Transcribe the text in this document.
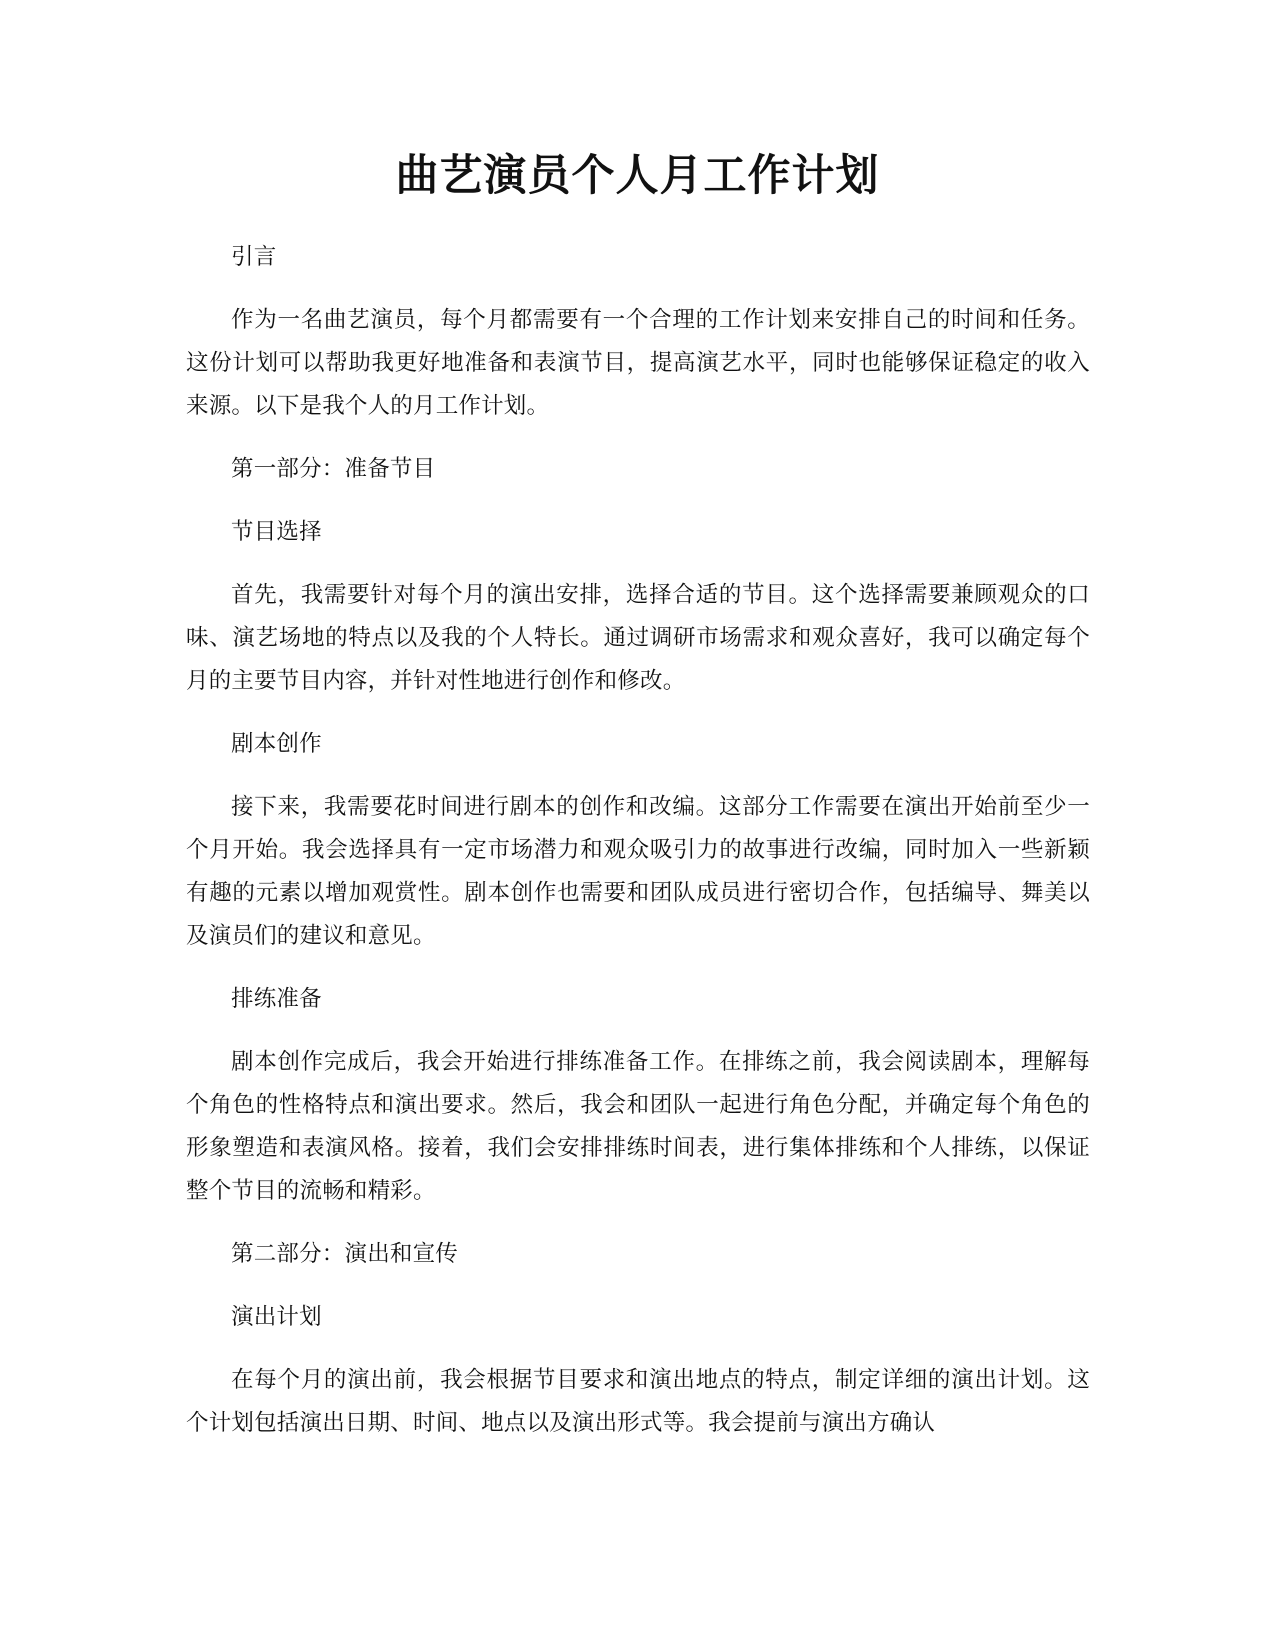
曲艺演员个人月工作计划

引言

作为一名曲艺演员，每个月都需要有一个合理的工作计划来安排自己的时间和任务。这份计划可以帮助我更好地准备和表演节目，提高演艺水平，同时也能够保证稳定的收入来源。以下是我个人的月工作计划。

第一部分：准备节目

节目选择

首先，我需要针对每个月的演出安排，选择合适的节目。这个选择需要兼顾观众的口味、演艺场地的特点以及我的个人特长。通过调研市场需求和观众喜好，我可以确定每个月的主要节目内容，并针对性地进行创作和修改。

剧本创作

接下来，我需要花时间进行剧本的创作和改编。这部分工作需要在演出开始前至少一个月开始。我会选择具有一定市场潜力和观众吸引力的故事进行改编，同时加入一些新颖有趣的元素以增加观赏性。剧本创作也需要和团队成员进行密切合作，包括编导、舞美以及演员们的建议和意见。

排练准备

剧本创作完成后，我会开始进行排练准备工作。在排练之前，我会阅读剧本，理解每个角色的性格特点和演出要求。然后，我会和团队一起进行角色分配，并确定每个角色的形象塑造和表演风格。接着，我们会安排排练时间表，进行集体排练和个人排练，以保证整个节目的流畅和精彩。

第二部分：演出和宣传

演出计划

在每个月的演出前，我会根据节目要求和演出地点的特点，制定详细的演出计划。这个计划包括演出日期、时间、地点以及演出形式等。我会提前与演出方确认
